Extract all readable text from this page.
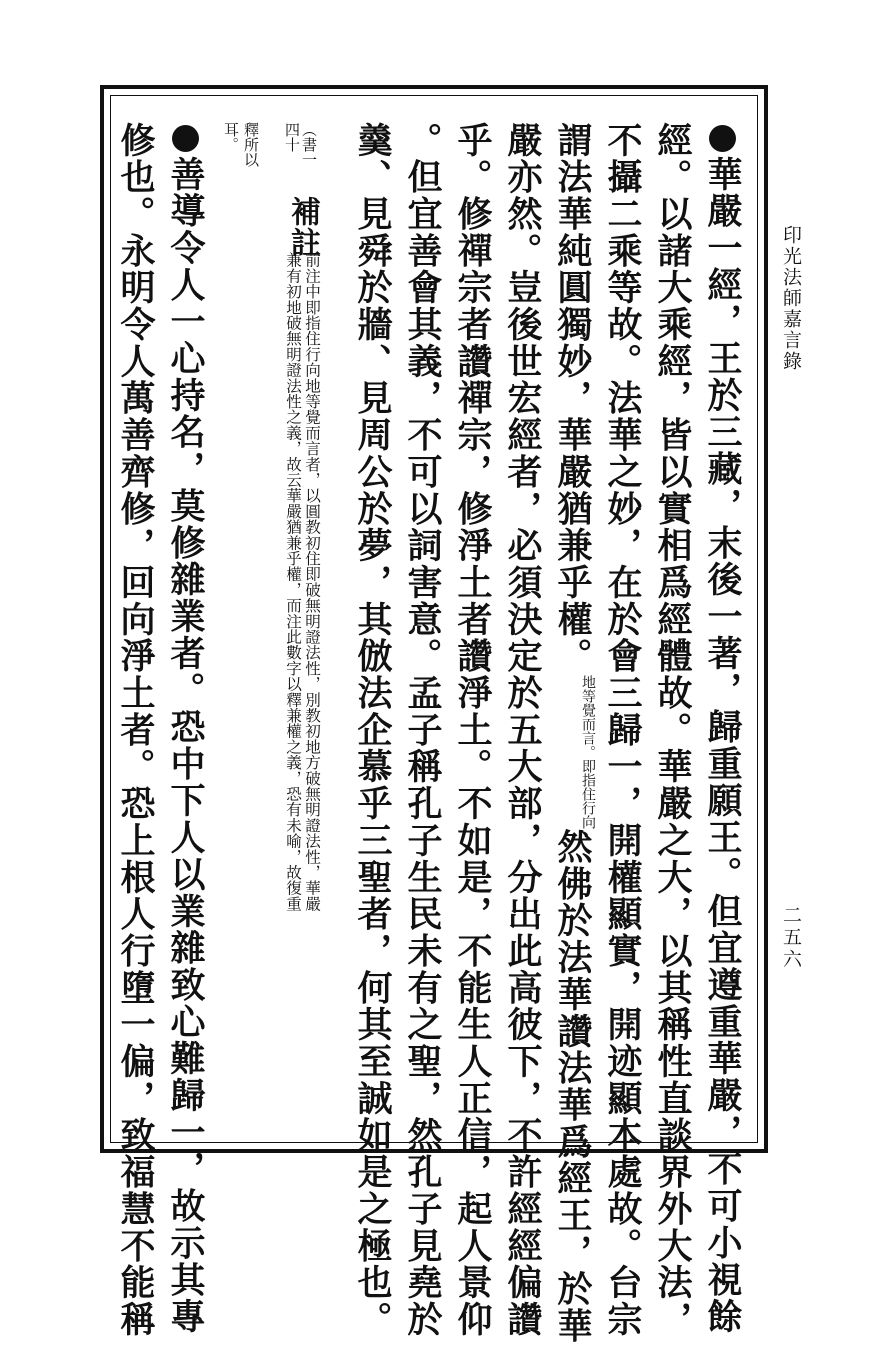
印光法師嘉言錄
二五六
華嚴一經，王於三藏，末後一著，歸重願王。但宜遵重華嚴，不可小視餘
經。以諸大乘經，皆以實相爲經體故。華嚴之大，以其稱性直談界外大法，
不攝二乘等故。法華之妙，在於會三歸一，開權顯實，開迹顯本處故。台宗
謂法華純圓獨妙，華嚴猶兼乎權。
即指住行向
地等覺而言。
然佛於法華讚法華爲經王，於華
嚴亦然。豈後世宏經者，必須決定於五大部，分出此高彼下，不許經經偏讚
乎。修禪宗者讚禪宗，修淨土者讚淨土。不如是，不能生人正信，起人景仰
。但宜善會其義，不可以詞害意。孟子稱孔子生民未有之聖，然孔子見堯於
（書一
四十
補註
前注中即指住行向地等覺而言者，以圓教初住即破無明證法性，別教初地方破無明證法性，華嚴
兼有初地破無明證法性之義，故云華嚴猶兼乎權，而注此數字以釋兼權之義，恐有未喻，故復重
釋所以
耳。	羹、見舜於牆、見周公於夢，其倣法企慕乎三聖者，何其至誠如是之極也。
善導令人一心持名，莫修雜業者。恐中下人以業雜致心難歸一，故示其專
修也。永明令人萬善齊修，回向淨土者。恐上根人行墮一偏，致福慧不能稱
